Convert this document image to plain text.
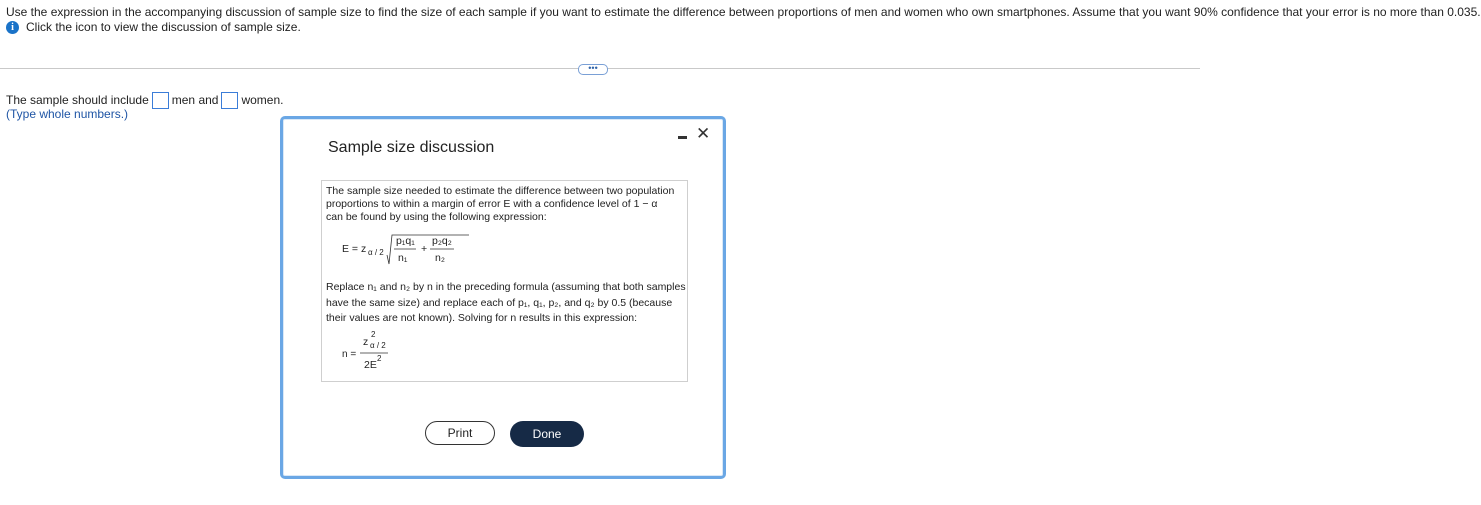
Use the expression in the accompanying discussion of sample size to find the size of each sample if you want to estimate the difference between proportions of men and women who own smartphones. Assume that you want 90% confidence that your error is no more than 0.035.
i	Click the icon to view the discussion of sample size.
•••
The sample should include men and women.
(Type whole numbers.)
Sample size discussion
✕
The sample size needed to estimate the difference between two population proportions to within a margin of error E with a confidence level of 1 − α can be found by using the following expression:
E = z α / 2
p₁q₁
n₁
+
p₂q₂
n₂
Replace n₁ and n₂ by n in the preceding formula (assuming that both samples have the same size) and replace each of p₁, q₁, p₂, and q₂ by 0.5 (because their values are not known). Solving for n results in this expression:
n =
z
2
α / 2
2E
2
Print	Done
